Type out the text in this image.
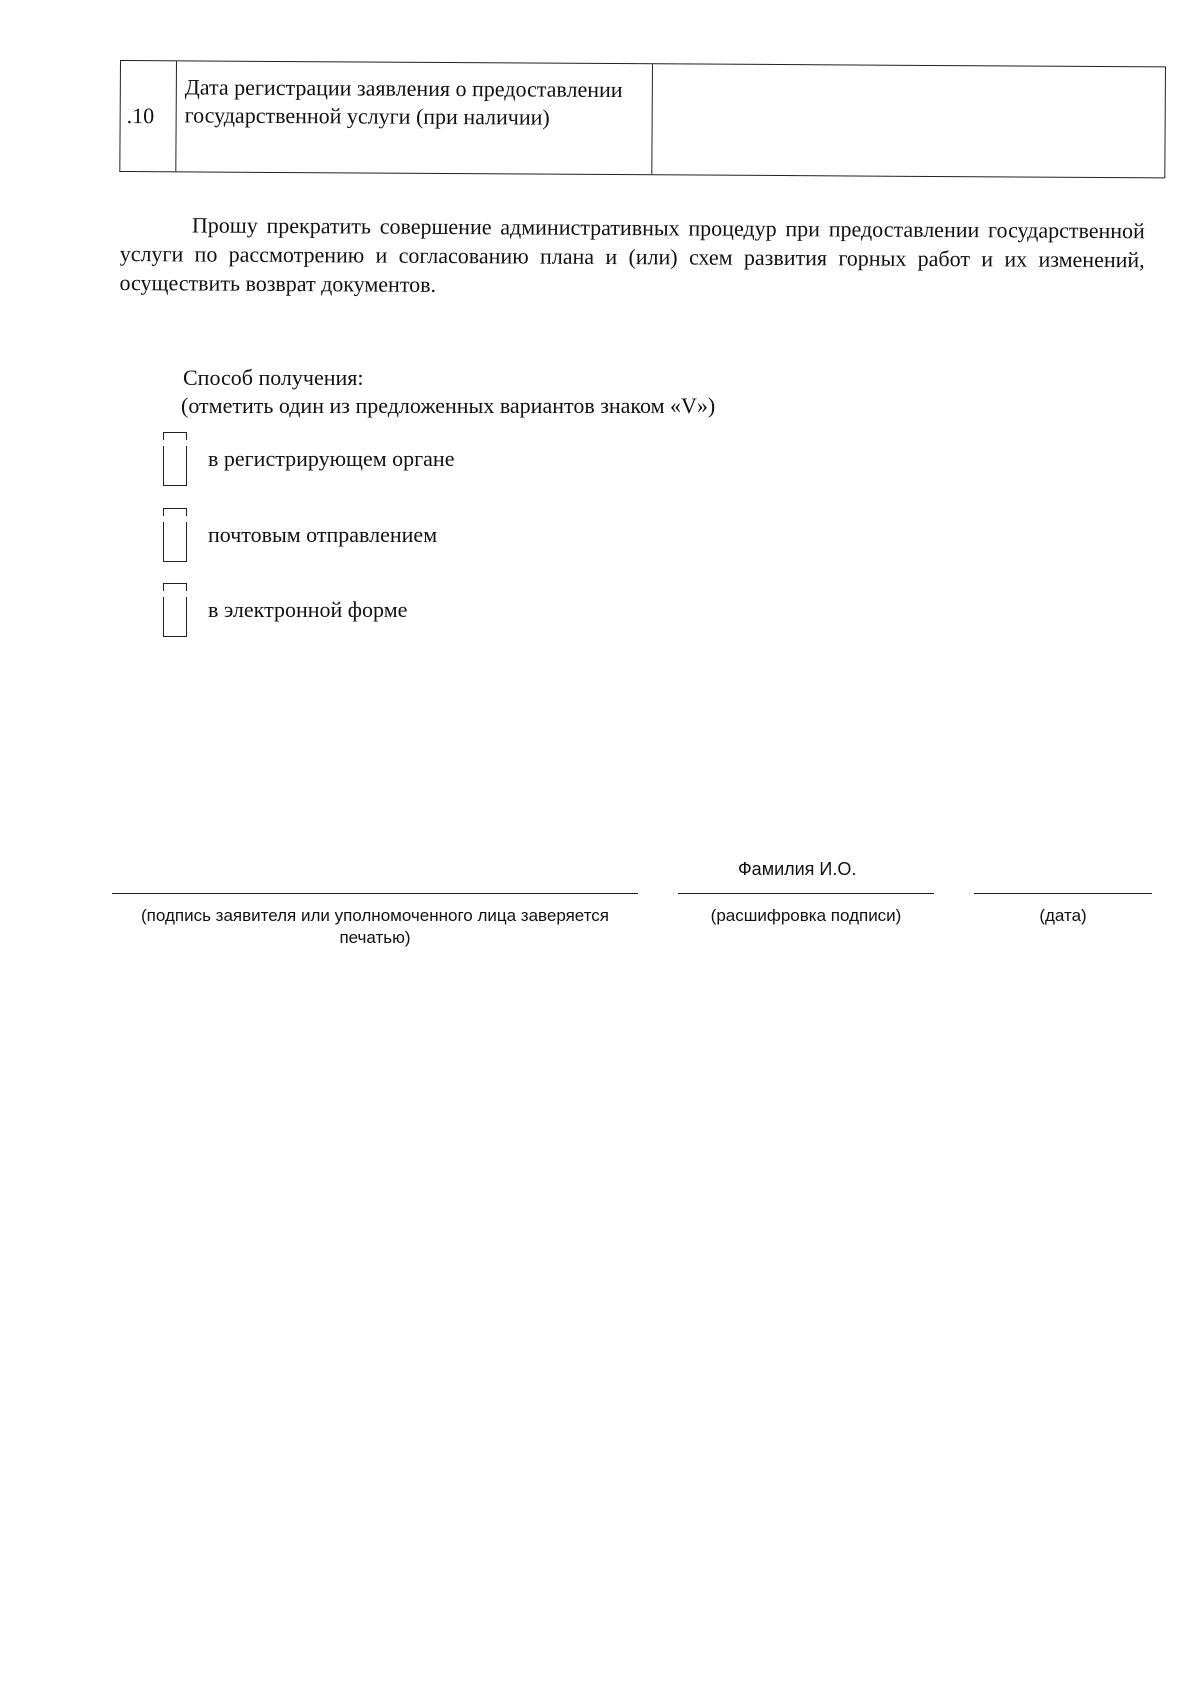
.10
Дата регистрации заявления о предоставлении государственной услуги (при наличии)

Прошу прекратить совершение административных процедур при предоставлении государственной услуги по рассмотрению и согласованию плана и (или) схем развития горных работ и их изменений, осуществить возврат документов.

Способ получения:
(отметить один из предложенных вариантов знаком «V»)
в регистрирующем органе
почтовым отправлением
в электронной форме
Фамилия И.О.
(подпись заявителя или уполномоченного лица заверяется печатью)
(расшифровка подписи)	(дата)
